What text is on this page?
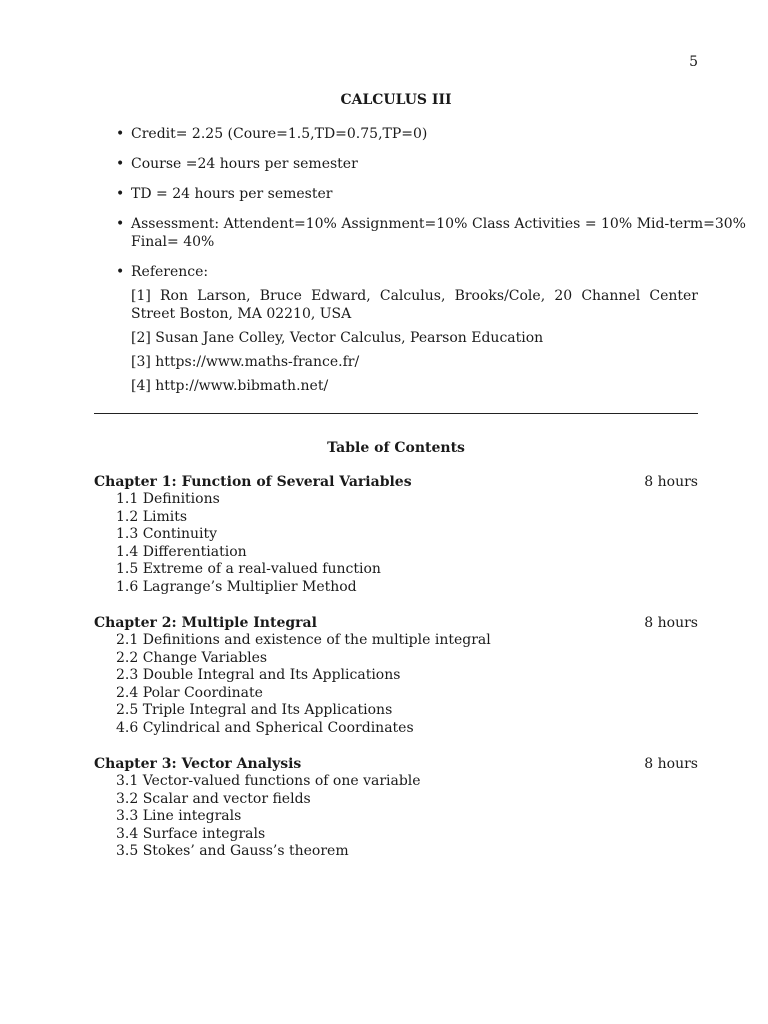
5
CALCULUS III
• Credit= 2.25 (Coure=1.5,TD=0.75,TP=0)
• Course =24 hours per semester
• TD = 24 hours per semester
• Assessment: Attendent=10% Assignment=10% Class Activities = 10% Mid-term=30%
Final= 40%
• Reference:
[1] Ron Larson, Bruce Edward, Calculus, Brooks/Cole, 20 Channel Center Street Boston, MA 02210, USA
[2] Susan Jane Colley, Vector Calculus, Pearson Education
[3] https://www.maths-france.fr/
[4] http://www.bibmath.net/
Table of Contents
Chapter 1: Function of Several Variables	8 hours
1.1 Definitions
1.2 Limits
1.3 Continuity
1.4 Differentiation
1.5 Extreme of a real-valued function
1.6 Lagrange’s Multiplier Method
Chapter 2: Multiple Integral	8 hours
2.1 Definitions and existence of the multiple integral
2.2 Change Variables
2.3 Double Integral and Its Applications
2.4 Polar Coordinate
2.5 Triple Integral and Its Applications
4.6 Cylindrical and Spherical Coordinates
Chapter 3: Vector Analysis	8 hours
3.1 Vector-valued functions of one variable
3.2 Scalar and vector fields
3.3 Line integrals
3.4 Surface integrals
3.5 Stokes’ and Gauss’s theorem
